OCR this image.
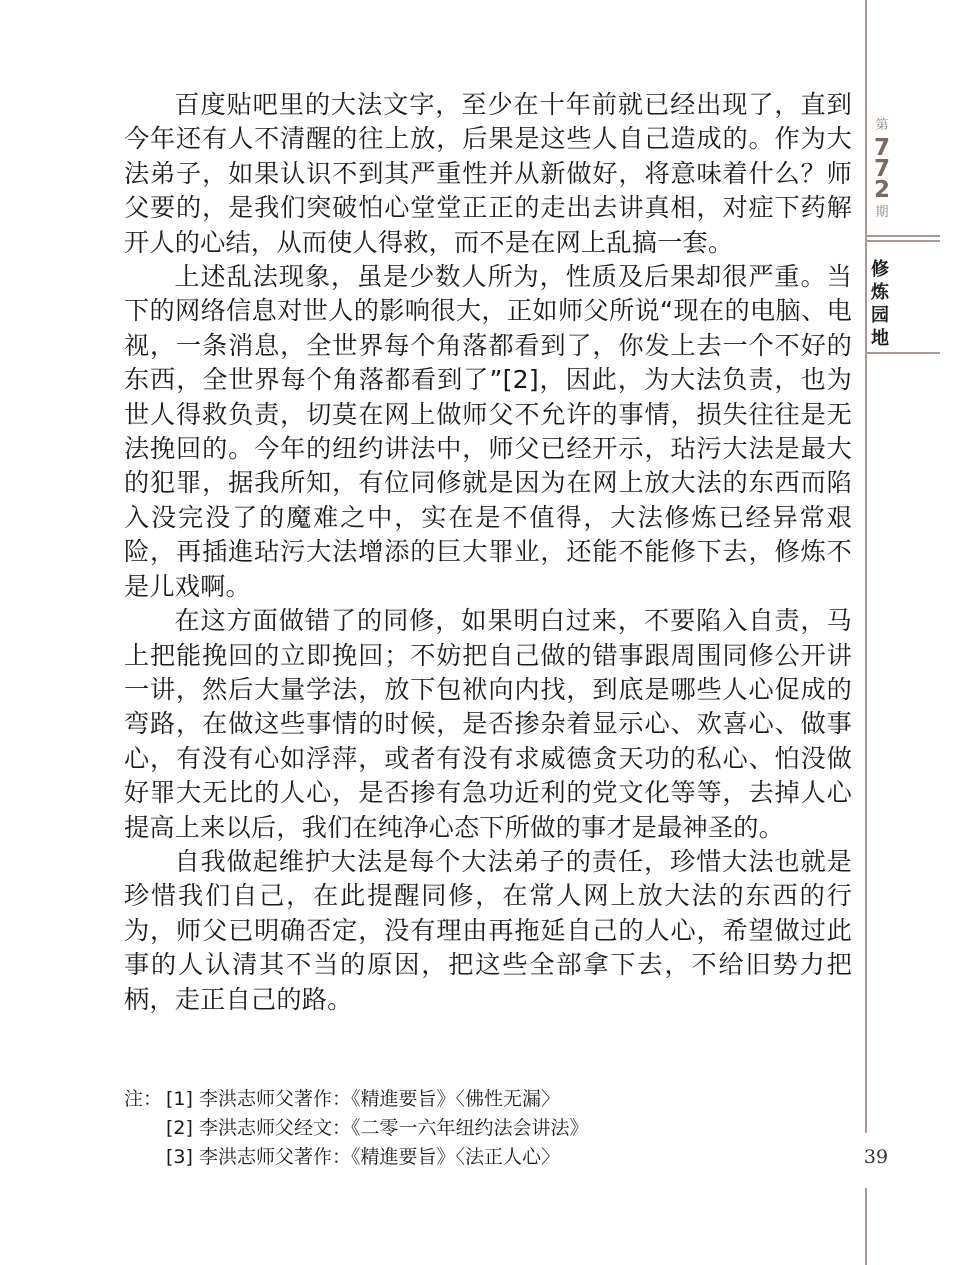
百度贴吧里的大法文字，至少在十年前就已经出现了，直到今年还有人不清醒的往上放，后果是这些人自己造成的。作为大法弟子，如果认识不到其严重性并从新做好，将意味着什么？师父要的，是我们突破怕心堂堂正正的走出去讲真相，对症下药解开人的心结，从而使人得救，而不是在网上乱搞一套。

上述乱法现象，虽是少数人所为，性质及后果却很严重。当下的网络信息对世人的影响很大，正如师父所说“现在的电脑、电视，一条消息，全世界每个角落都看到了，你发上去一个不好的东西，全世界每个角落都看到了”[2]，因此，为大法负责，也为世人得救负责，切莫在网上做师父不允许的事情，损失往往是无法挽回的。今年的纽约讲法中，师父已经开示，玷污大法是最大的犯罪，据我所知，有位同修就是因为在网上放大法的东西而陷入没完没了的魔难之中，实在是不值得，大法修炼已经异常艰险，再插進玷污大法增添的巨大罪业，还能不能修下去，修炼不是儿戏啊。

在这方面做错了的同修，如果明白过来，不要陷入自责，马上把能挽回的立即挽回；不妨把自己做的错事跟周围同修公开讲一讲，然后大量学法，放下包袱向内找，到底是哪些人心促成的弯路，在做这些事情的时候，是否掺杂着显示心、欢喜心、做事心，有没有心如浮萍，或者有没有求威德贪天功的私心、怕没做好罪大无比的人心，是否掺有急功近利的党文化等等，去掉人心提高上来以后，我们在纯净心态下所做的事才是最神圣的。

自我做起维护大法是每个大法弟子的责任，珍惜大法也就是珍惜我们自己，在此提醒同修，在常人网上放大法的东西的行为，师父已明确否定，没有理由再拖延自己的人心，希望做过此事的人认清其不当的原因，把这些全部拿下去，不给旧势力把柄，走正自己的路。

注： [1] 李洪志师父著作：《精進要旨》〈佛性无漏〉
[2] 李洪志师父经文：《二零一六年纽约法会讲法》
[3] 李洪志师父著作：《精進要旨》〈法正人心〉
第
7
7
2
期
修
炼
园
地
39
